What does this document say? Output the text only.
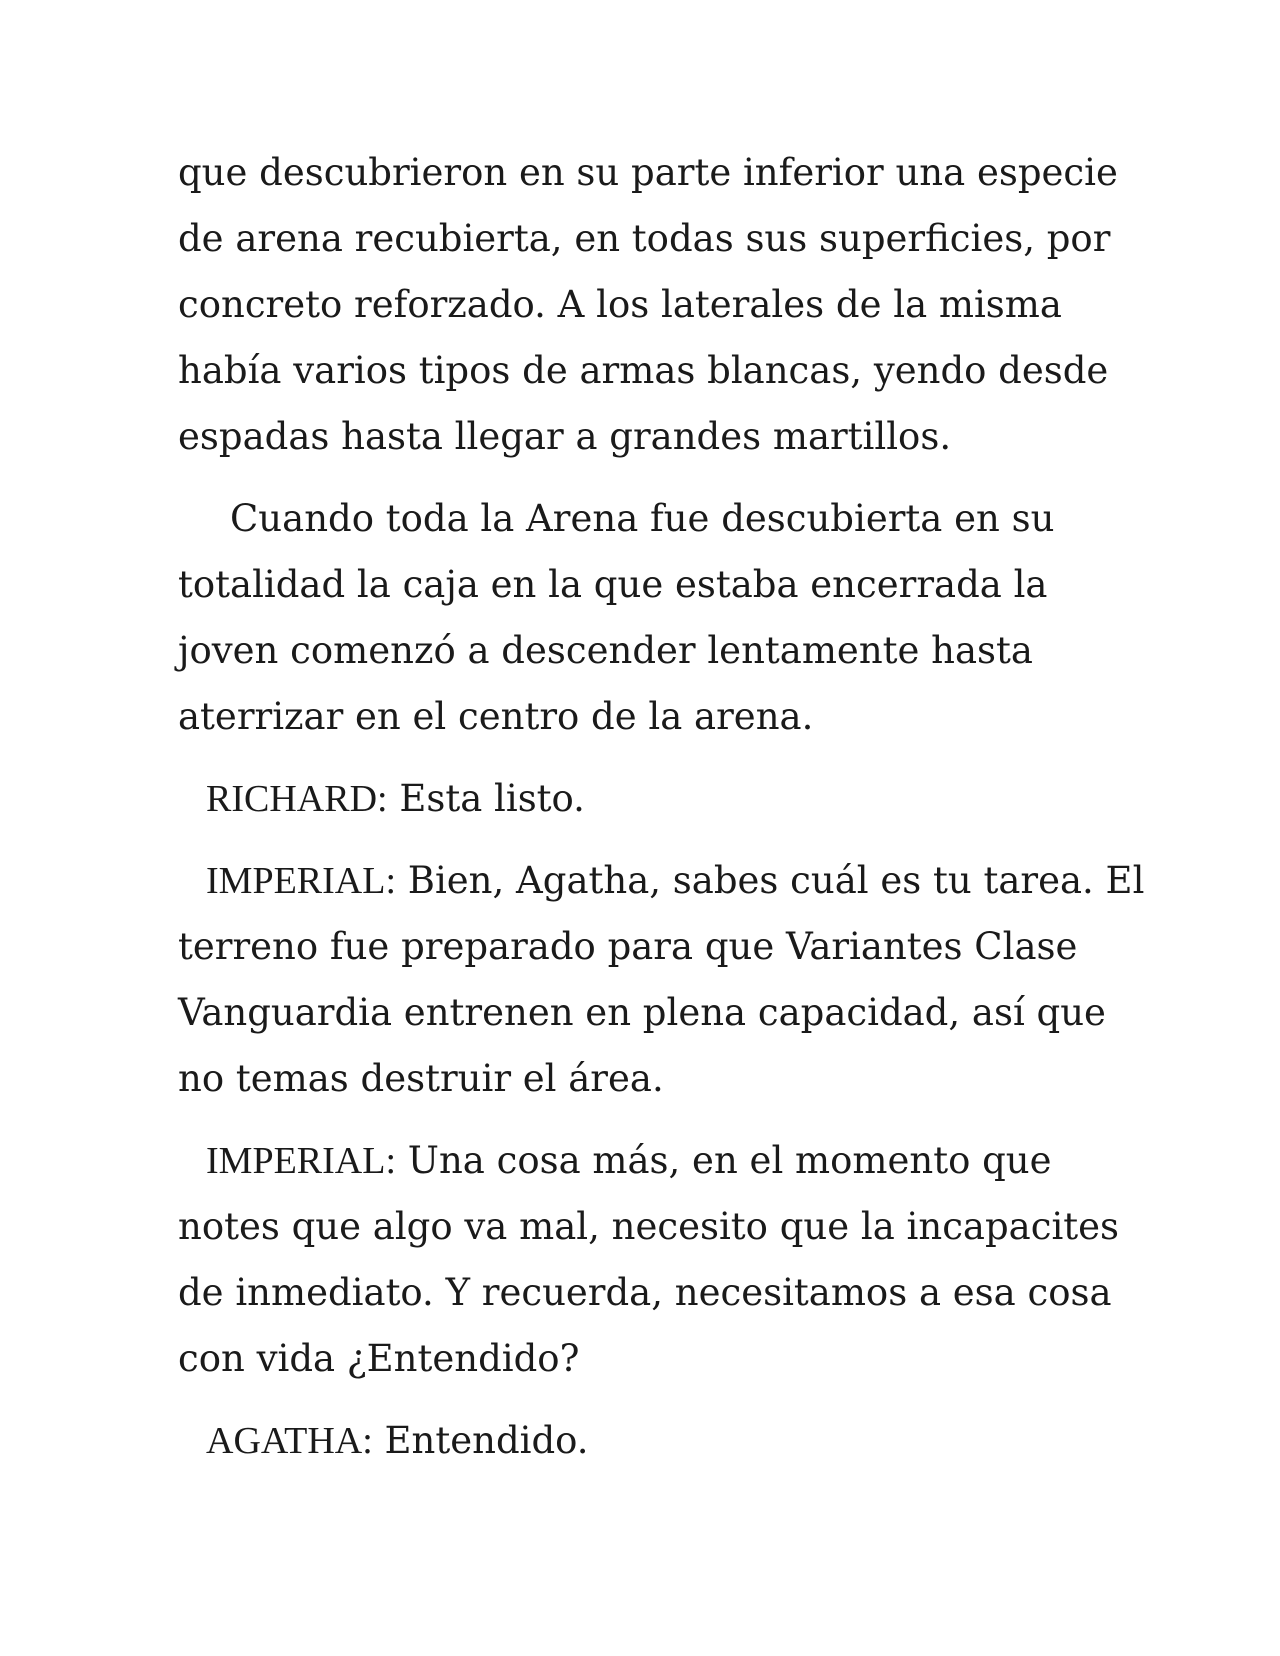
que descubrieron en su parte inferior una especie
de arena recubierta, en todas sus superficies, por
concreto reforzado. A los laterales de la misma
había varios tipos de armas blancas, yendo desde
espadas hasta llegar a grandes martillos.

Cuando toda la Arena fue descubierta en su
totalidad la caja en la que estaba encerrada la
joven comenzó a descender lentamente hasta
aterrizar en el centro de la arena.

RICHARD: Esta listo.

IMPERIAL: Bien, Agatha, sabes cuál es tu tarea. El
terreno fue preparado para que Variantes Clase
Vanguardia entrenen en plena capacidad, así que
no temas destruir el área.

IMPERIAL: Una cosa más, en el momento que
notes que algo va mal, necesito que la incapacites
de inmediato. Y recuerda, necesitamos a esa cosa
con vida ¿Entendido?

AGATHA: Entendido.
